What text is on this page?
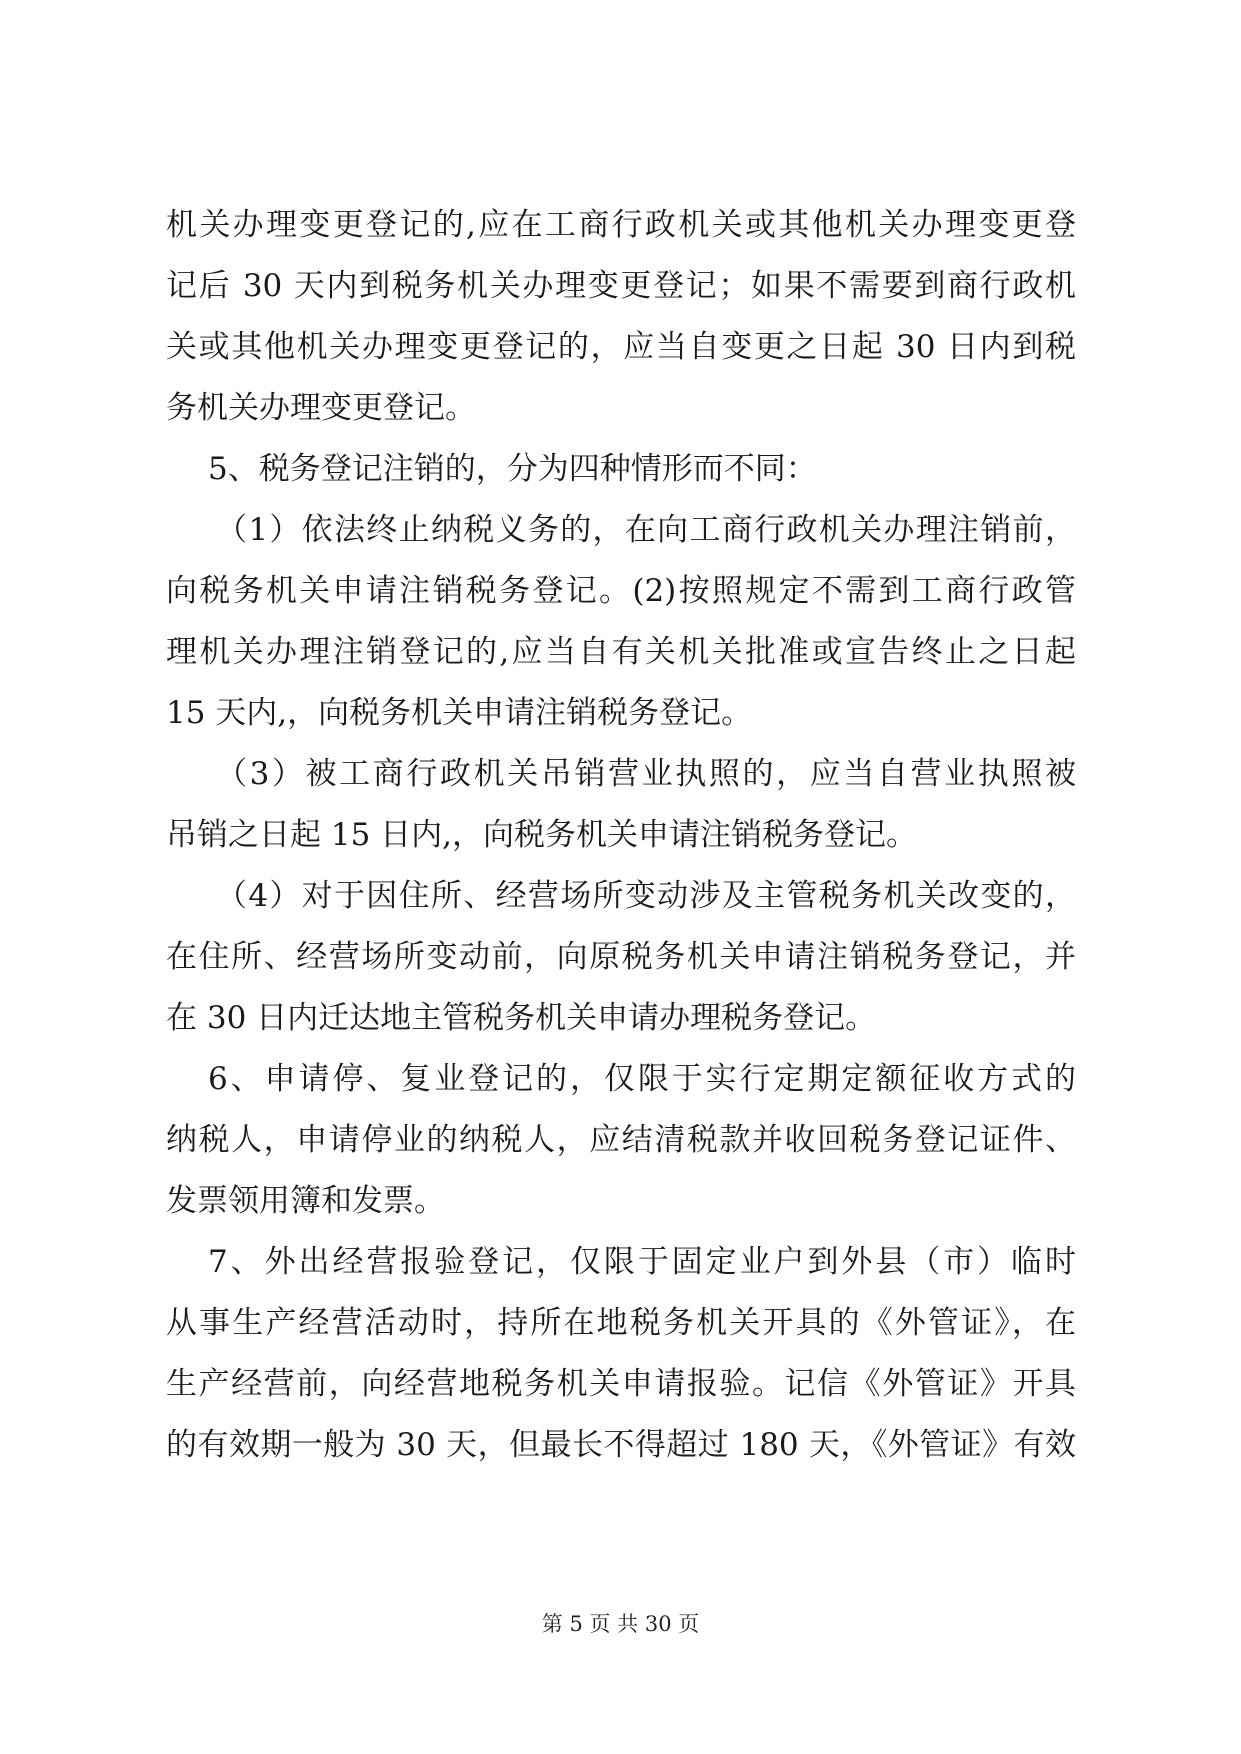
机关办理变更登记的,应在工商行政机关或其他机关办理变更登
记后 30 天内到税务机关办理变更登记；如果不需要到商行政机
关或其他机关办理变更登记的，应当自变更之日起 30 日内到税
务机关办理变更登记。
5、税务登记注销的，分为四种情形而不同：
（1）依法终止纳税义务的，在向工商行政机关办理注销前，
向税务机关申请注销税务登记。(2)按照规定不需到工商行政管
理机关办理注销登记的,应当自有关机关批准或宣告终止之日起
15 天内,，向税务机关申请注销税务登记。
（3）被工商行政机关吊销营业执照的，应当自营业执照被
吊销之日起 15 日内,，向税务机关申请注销税务登记。
（4）对于因住所、经营场所变动涉及主管税务机关改变的，
在住所、经营场所变动前，向原税务机关申请注销税务登记，并
在 30 日内迁达地主管税务机关申请办理税务登记。
6、申请停、复业登记的，仅限于实行定期定额征收方式的
纳税人，申请停业的纳税人，应结清税款并收回税务登记证件、
发票领用簿和发票。
7、外出经营报验登记，仅限于固定业户到外县（市）临时
从事生产经营活动时，持所在地税务机关开具的《外管证》，在
生产经营前，向经营地税务机关申请报验。记信《外管证》开具
的有效期一般为 30 天，但最长不得超过 180 天，《外管证》有效
第 5 页 共 30 页
